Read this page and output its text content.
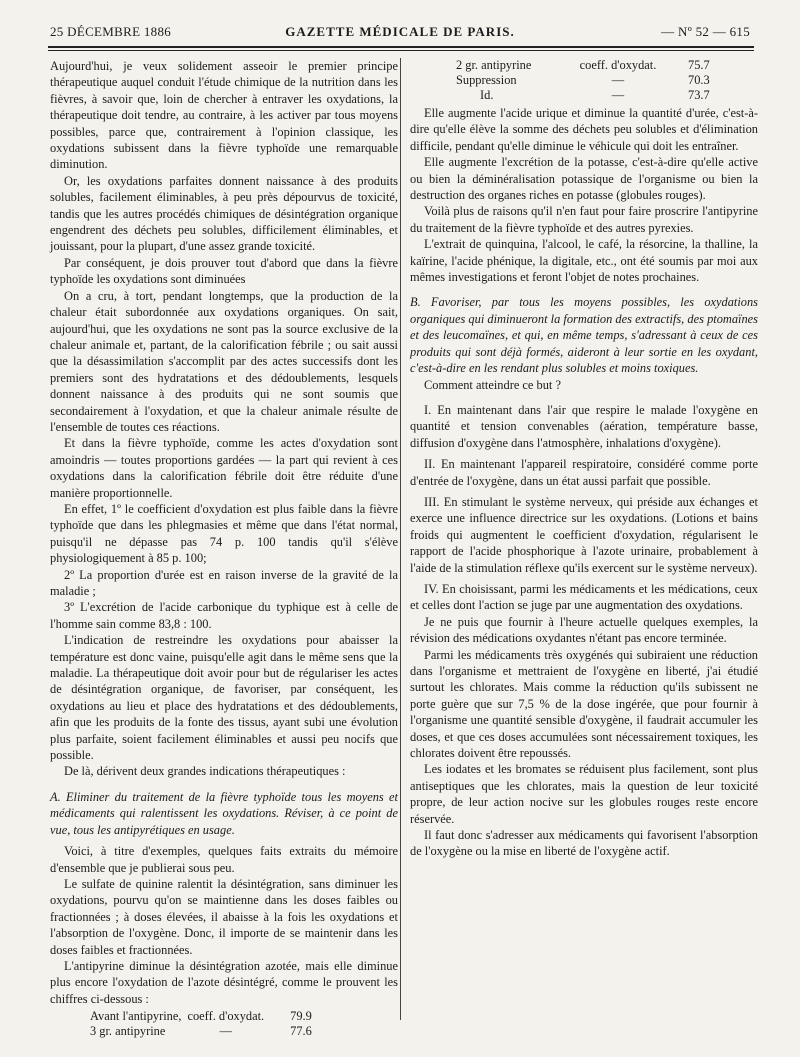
25 DÉCEMBRE 1886	GAZETTE MÉDICALE DE PARIS.	— Nº 52 — 615

Aujourd'hui, je veux solidement asseoir le premier principe thérapeutique auquel conduit l'étude chimique de la nutrition dans les fièvres, à savoir que, loin de chercher à entraver les oxydations, la thérapeutique doit tendre, au contraire, à les activer par tous moyens possibles, parce que, contrairement à l'opinion classique, les oxydations subissent dans la fièvre typhoïde une remarquable diminution.

Or, les oxydations parfaites donnent naissance à des produits solubles, facilement éliminables, à peu près dépourvus de toxicité, tandis que les autres procédés chimiques de désintégration organique engendrent des déchets peu solubles, difficilement éliminables, et jouissant, pour la plupart, d'une assez grande toxicité.

Par conséquent, je dois prouver tout d'abord que dans la fièvre typhoïde les oxydations sont diminuées

On a cru, à tort, pendant longtemps, que la production de la chaleur était subordonnée aux oxydations organiques. On sait, aujourd'hui, que les oxydations ne sont pas la source exclusive de la chaleur animale et, partant, de la calorification fébrile ; ou sait aussi que la désassimilation s'accomplit par des actes successifs dont les premiers sont des hydratations et des dédoublements, lesquels donnent naissance à des produits qui ne sont soumis que secondairement à l'oxydation, et que la chaleur animale résulte de l'ensemble de toutes ces réactions.

Et dans la fièvre typhoïde, comme les actes d'oxydation sont amoindris — toutes proportions gardées — la part qui revient à ces oxydations dans la calorification fébrile doit être réduite d'une manière proportionnelle.

En effet, 1º le coefficient d'oxydation est plus faible dans la fièvre typhoïde que dans les phlegmasies et même que dans l'état normal, puisqu'il ne dépasse pas 74 p. 100 tandis qu'il s'élève physiologiquement à 85 p. 100;

2º La proportion d'urée est en raison inverse de la gravité de la maladie ;

3º L'excrétion de l'acide carbonique du typhique est à celle de l'homme sain comme 83,8 : 100.

L'indication de restreindre les oxydations pour abaisser la température est donc vaine, puisqu'elle agit dans le même sens que la maladie. La thérapeutique doit avoir pour but de régulariser les actes de désintégration organique, de favoriser, par conséquent, les oxydations au lieu et place des hydratations et des dédoublements, afin que les produits de la fonte des tissus, ayant subi une évolution plus parfaite, soient facilement éliminables et aussi peu nocifs que possible.

De là, dérivent deux grandes indications thérapeutiques :

A. Eliminer du traitement de la fièvre typhoïde tous les moyens et médicaments qui ralentissent les oxydations. Réviser, à ce point de vue, tous les antipyrétiques en usage.

Voici, à titre d'exemples, quelques faits extraits du mémoire d'ensemble que je publierai sous peu.

Le sulfate de quinine ralentit la désintégration, sans diminuer les oxydations, pourvu qu'on se maintienne dans les doses faibles ou fractionnées ; à doses élevées, il abaisse à la fois les oxydations et l'absorption de l'oxygène. Donc, il importe de se maintenir dans les doses faibles et fractionnées.

L'antipyrine diminue la désintégration azotée, mais elle diminue plus encore l'oxydation de l'azote désintégré, comme le prouvent les chiffres ci-dessous :

Avant l'antipyrine,	coeff. d'oxydat.	79.9
3 gr. antipyrine	—	77.6
2 gr. antipyrine	coeff. d'oxydat.	75.7
Suppression	—	70.3
Id.	—	73.7

Elle augmente l'acide urique et diminue la quantité d'urée, c'est-à-dire qu'elle élève la somme des déchets peu solubles et d'élimination difficile, pendant qu'elle diminue le véhicule qui doit les entraîner.

Elle augmente l'excrétion de la potasse, c'est-à-dire qu'elle active ou bien la déminéralisation potassique de l'organisme ou bien la destruction des organes riches en potasse (globules rouges).

Voilà plus de raisons qu'il n'en faut pour faire proscrire l'antipyrine du traitement de la fièvre typhoïde et des autres pyrexies.

L'extrait de quinquina, l'alcool, le café, la résorcine, la thalline, la kaïrine, l'acide phénique, la digitale, etc., ont été soumis par moi aux mêmes investigations et feront l'objet de notes prochaines.

B. Favoriser, par tous les moyens possibles, les oxydations organiques qui diminueront la formation des extractifs, des ptomaïnes et des leucomaïnes, et qui, en même temps, s'adressant à ceux de ces produits qui sont déjà formés, aideront à leur sortie en les oxydant, c'est-à-dire en les rendant plus solubles et moins toxiques.

Comment atteindre ce but ?

I. En maintenant dans l'air que respire le malade l'oxygène en quantité et tension convenables (aération, température basse, diffusion d'oxygène dans l'atmosphère, inhalations d'oxygène).

II. En maintenant l'appareil respiratoire, considéré comme porte d'entrée de l'oxygène, dans un état aussi parfait que possible.

III. En stimulant le système nerveux, qui préside aux échanges et exerce une influence directrice sur les oxydations. (Lotions et bains froids qui augmentent le coefficient d'oxydation, régularisent le rapport de l'acide phosphorique à l'azote urinaire, probablement à l'aide de la stimulation réflexe qu'ils exercent sur le système nerveux).

IV. En choisissant, parmi les médicaments et les médications, ceux et celles dont l'action se juge par une augmentation des oxydations.

Je ne puis que fournir à l'heure actuelle quelques exemples, la révision des médications oxydantes n'étant pas encore terminée.

Parmi les médicaments très oxygénés qui subiraient une réduction dans l'organisme et mettraient de l'oxygène en liberté, j'ai étudié surtout les chlorates. Mais comme la réduction qu'ils subissent ne porte guère que sur 7,5 % de la dose ingérée, que pour fournir à l'organisme une quantité sensible d'oxygène, il faudrait accumuler les doses, et que ces doses accumulées sont nécessairement toxiques, les chlorates doivent être repoussés.

Les iodates et les bromates se réduisent plus facilement, sont plus antiseptiques que les chlorates, mais la question de leur toxicité propre, de leur action nocive sur les globules rouges reste encore réservée.

Il faut donc s'adresser aux médicaments qui favorisent l'absorption de l'oxygène ou la mise en liberté de l'oxygène actif.
